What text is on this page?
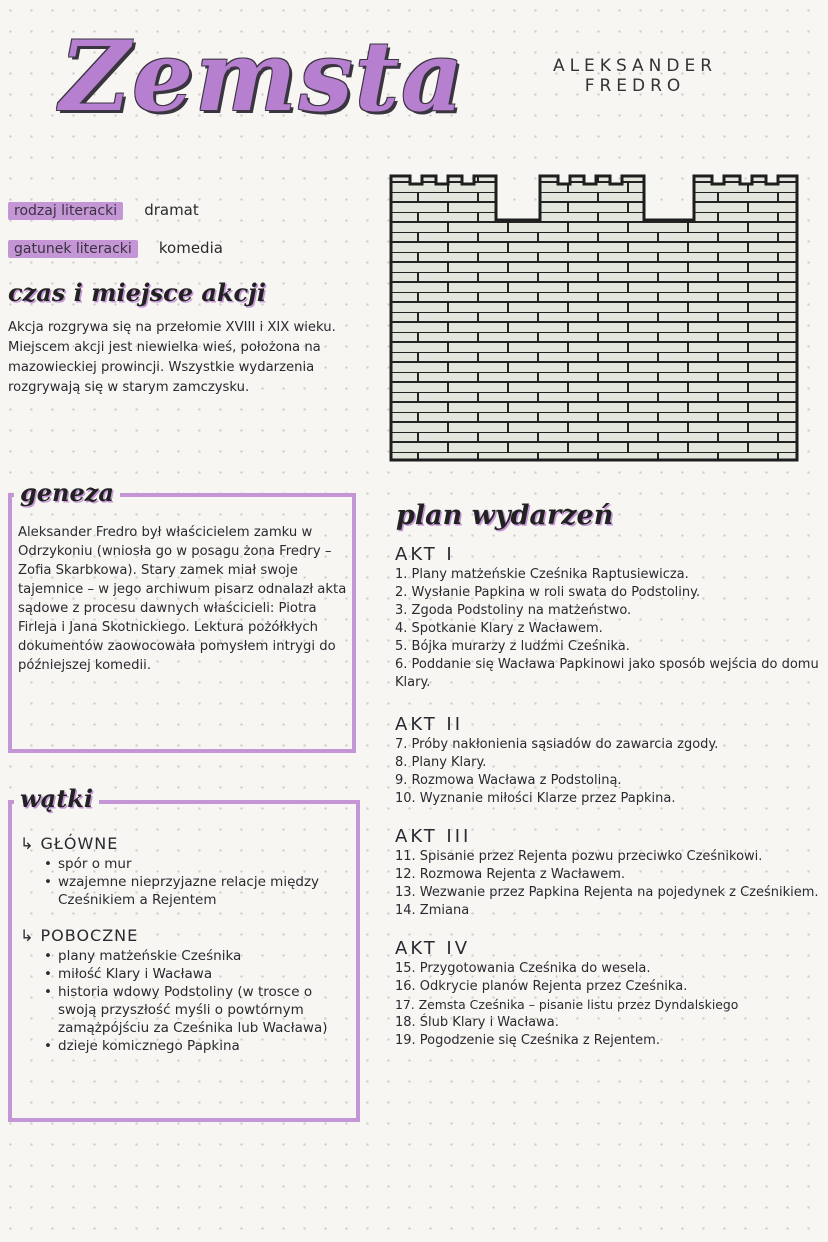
Zemsta	ALEKSANDER
FREDRO
rodzaj literacki dramat
gatunek literacki komedia
czas i miejsce akcji
Akcja rozgrywa się na przełomie XVIII i XIX wieku. Miejscem akcji jest niewielka wieś, położona na mazowieckiej prowincji. Wszystkie wydarzenia rozgrywają się w starym zamczysku.
geneza
Aleksander Fredro był właścicielem zamku w Odrzykoniu (wniosła go w posagu żona Fredry – Zofia Skarbkowa). Stary zamek miał swoje tajemnice – w jego archiwum pisarz odnalazł akta sądowe z procesu dawnych właścicieli: Piotra Firleja i Jana Skotnickiego. Lektura pożółkłych dokumentów zaowocowała pomysłem intrygi do późniejszej komedii.
wątki
↳ GŁÓWNE
• spór o mur
• wzajemne nieprzyjazne relacje między Cześnikiem a Rejentem
↳ POBOCZNE
• plany matżeńskie Cześnika
• miłość Klary i Wacława
• historia wdowy Podstoliny (w trosce o swoją przyszłość myśli o powtórnym zamążpójściu za Cześnika lub Wacława)
• dzieje komicznego Papkina
plan wydarzeń
AKT I
1. Plany matżeńskie Cześnika Raptusiewicza.
2. Wysłanie Papkina w roli swata do Podstoliny.
3. Zgoda Podstoliny na matżeństwo.
4. Spotkanie Klary z Wacławem.
5. Bójka murarzy z ludźmi Cześnika.
6. Poddanie się Wacława Papkinowi jako sposób wejścia do domu Klary.
AKT II
7. Próby nakłonienia sąsiadów do zawarcia zgody.
8. Plany Klary.
9. Rozmowa Wacława z Podstoliną.
10. Wyznanie miłości Klarze przez Papkina.
AKT III
11. Spisanie przez Rejenta pozwu przeciwko Cześnikowi.
12. Rozmowa Rejenta z Wacławem.
13. Wezwanie przez Papkina Rejenta na pojedynek z Cześnikiem.
14. Zmiana
AKT IV
15. Przygotowania Cześnika do wesela.
16. Odkrycie planów Rejenta przez Cześnika.
17. Zemsta Cześnika – pisanie listu przez Dyndalskiego
18. Ślub Klary i Wacława.
19. Pogodzenie się Cześnika z Rejentem.
